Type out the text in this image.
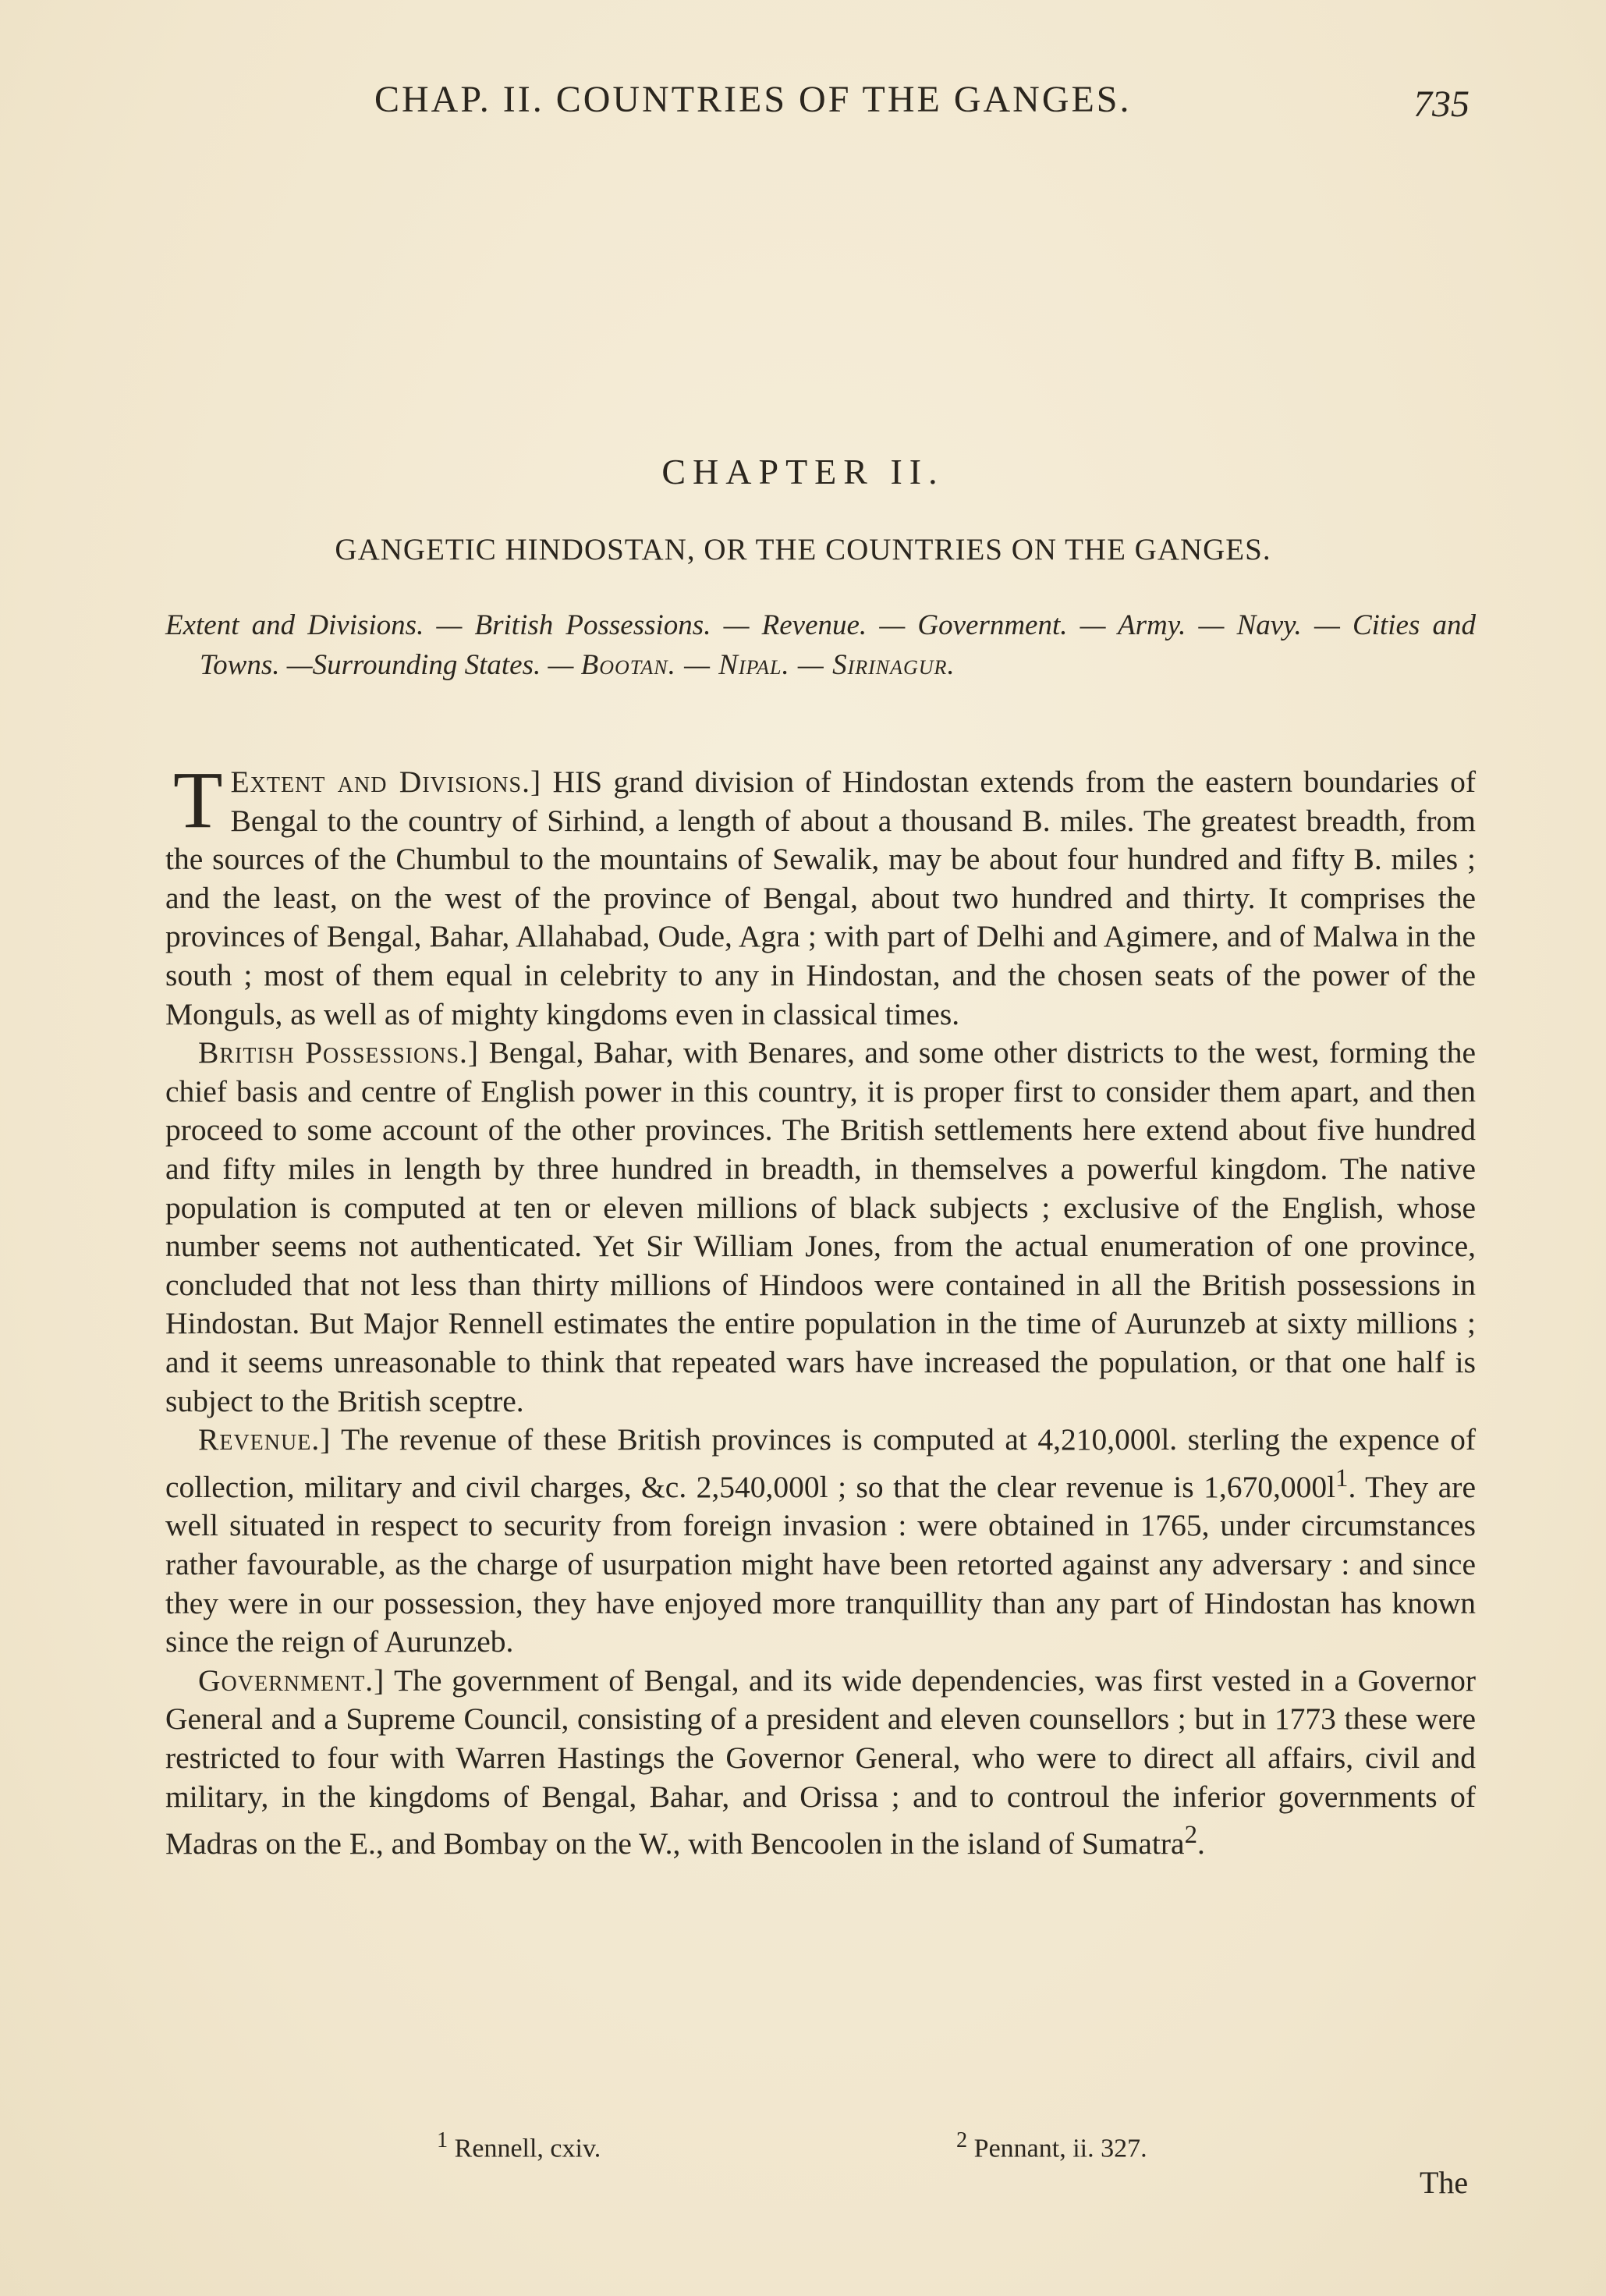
CHAP. II. COUNTRIES OF THE GANGES.	735
CHAPTER II.
GANGETIC HINDOSTAN, OR THE COUNTRIES ON THE GANGES.
Extent and Divisions. — British Possessions. — Revenue. — Government. — Army. — Navy. — Cities and Towns. —Surrounding States. — Bootan. — Nipal. — Sirinagur.

Extent and Divisions.]
T	HIS grand division of Hindostan extends from the eastern boundaries of Bengal to the country of Sirhind, a length of about a thousand B. miles. The greatest breadth, from the sources of the Chumbul to the mountains of Sewalik, may be about four hundred and fifty B. miles ; and the least, on the west of the province of Bengal, about two hundred and thirty. It comprises the provinces of Bengal, Bahar, Allahabad, Oude, Agra ; with part of Delhi and Agimere, and of Malwa in the south ; most of them equal in celebrity to any in Hindostan, and the chosen seats of the power of the Monguls, as well as of mighty kingdoms even in classical times.

British Possessions.] Bengal, Bahar, with Benares, and some other districts to the west, forming the chief basis and centre of English power in this country, it is proper first to consider them apart, and then proceed to some account of the other provinces. The British settlements here extend about five hundred and fifty miles in length by three hundred in breadth, in themselves a powerful kingdom. The native population is computed at ten or eleven millions of black subjects ; exclusive of the English, whose number seems not authenticated. Yet Sir William Jones, from the actual enumeration of one province, concluded that not less than thirty millions of Hindoos were contained in all the British possessions in Hindostan. But Major Rennell estimates the entire population in the time of Aurunzeb at sixty millions ; and it seems unreasonable to think that repeated wars have increased the population, or that one half is subject to the British sceptre.

Revenue.] The revenue of these British provinces is computed at 4,210,000l. sterling the expence of collection, military and civil charges, &c. 2,540,000l ; so that the clear revenue is $1,670,000l^1$. They are well situated in respect to security from foreign invasion : were obtained in 1765, under circumstances rather favourable, as the charge of usurpation might have been retorted against any adversary : and since they were in our possession, they have enjoyed more tranquillity than any part of Hindostan has known since the reign of Aurunzeb.

Government.] The government of Bengal, and its wide dependencies, was first vested in a Governor General and a Supreme Council, consisting of a president and eleven counsellors ; but in 1773 these were restricted to four with Warren Hastings the Governor General, who were to direct all affairs, civil and military, in the kingdoms of Bengal, Bahar, and Orissa ; and to controul the inferior governments of Madras on the E., and Bombay on the W., with Bencoolen in the island of Sumatra$^2$.

$^1$ Rennell, cxiv.	$^2$ Pennant, ii. 327.
The
